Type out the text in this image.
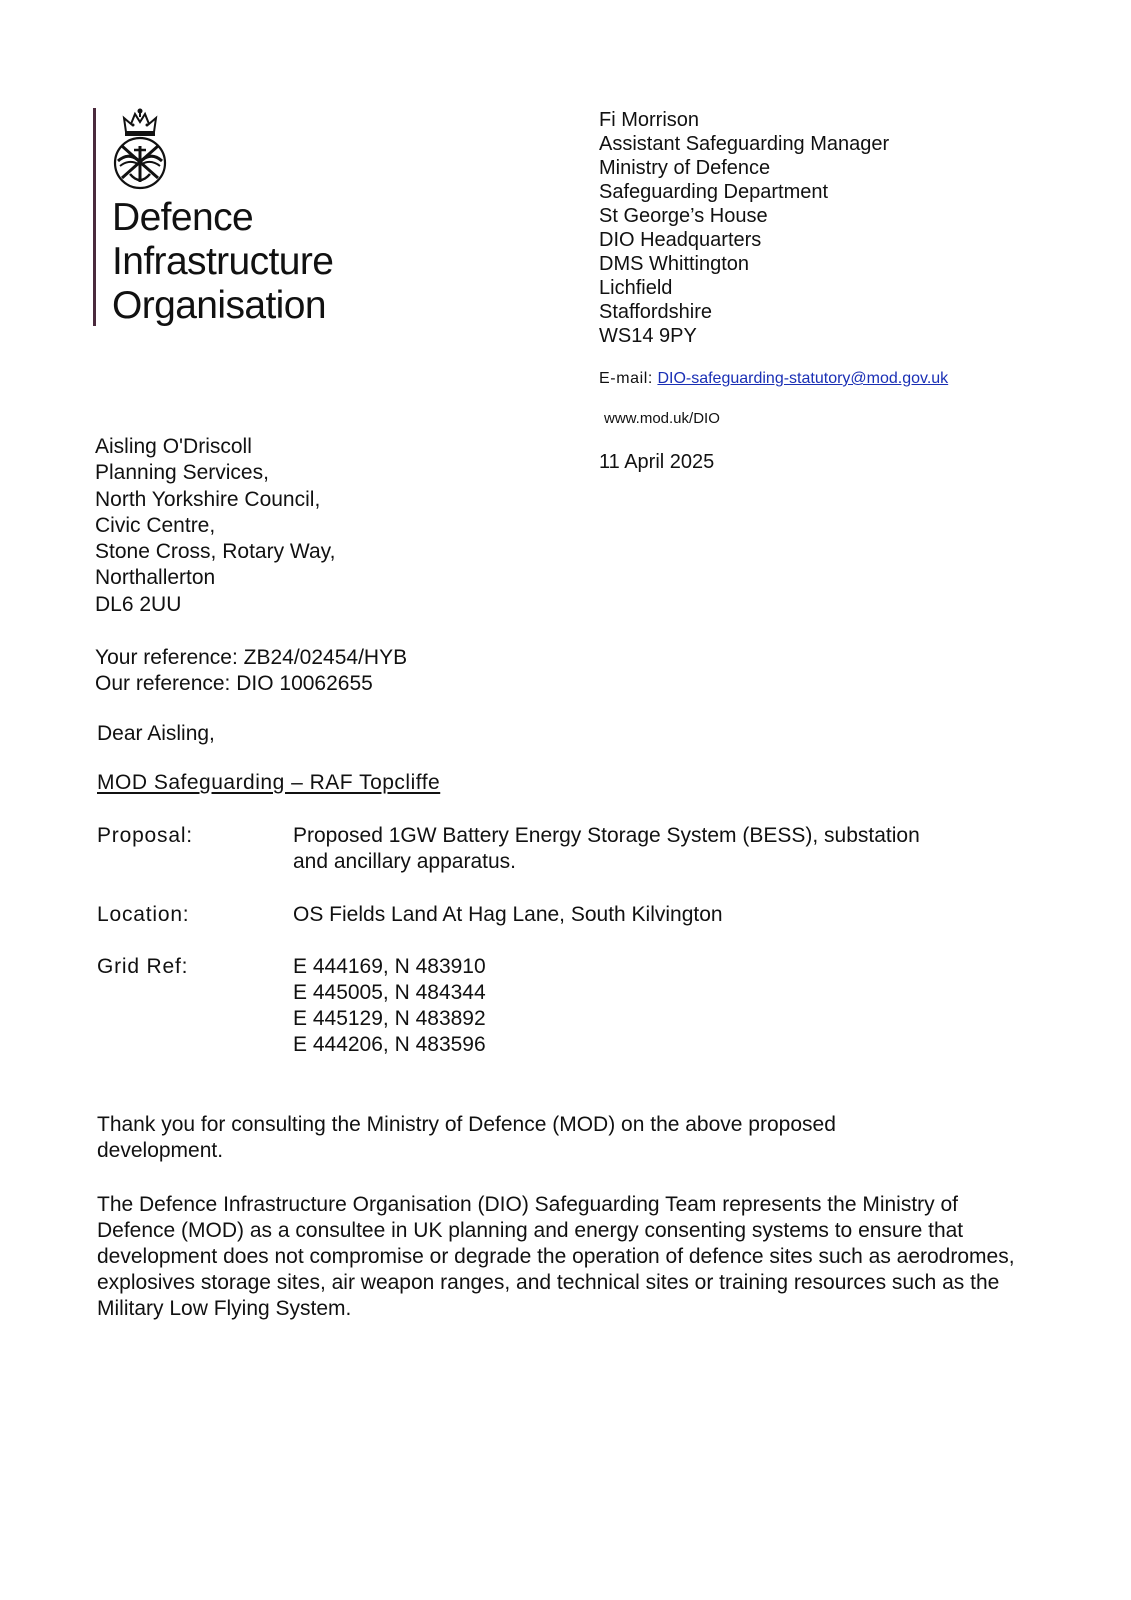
Defence
Infrastructure
Organisation
Fi Morrison
Assistant Safeguarding Manager
Ministry of Defence
Safeguarding Department
St George’s House
DIO Headquarters
DMS Whittington
Lichfield
Staffordshire
WS14 9PY
E-mail: DIO-safeguarding-statutory@mod.gov.uk
www.mod.uk/DIO
11 April 2025
Aisling O'Driscoll
Planning Services,
North Yorkshire Council,
Civic Centre,
Stone Cross, Rotary Way,
Northallerton
DL6 2UU
Your reference: ZB24/02454/HYB
Our reference: DIO 10062655
Dear Aisling,
MOD Safeguarding – RAF Topcliffe
Proposal:	Proposed 1GW Battery Energy Storage System (BESS), substation
and ancillary apparatus.
Location:	OS Fields Land At Hag Lane, South Kilvington
Grid Ref:	E 444169, N 483910
E 445005, N 484344
E 445129, N 483892
E 444206, N 483596
Thank you for consulting the Ministry of Defence (MOD) on the above proposed development.
The Defence Infrastructure Organisation (DIO) Safeguarding Team represents the Ministry of Defence (MOD) as a consultee in UK planning and energy consenting systems to ensure that development does not compromise or degrade the operation of defence sites such as aerodromes, explosives storage sites, air weapon ranges, and technical sites or training resources such as the Military Low Flying System.
